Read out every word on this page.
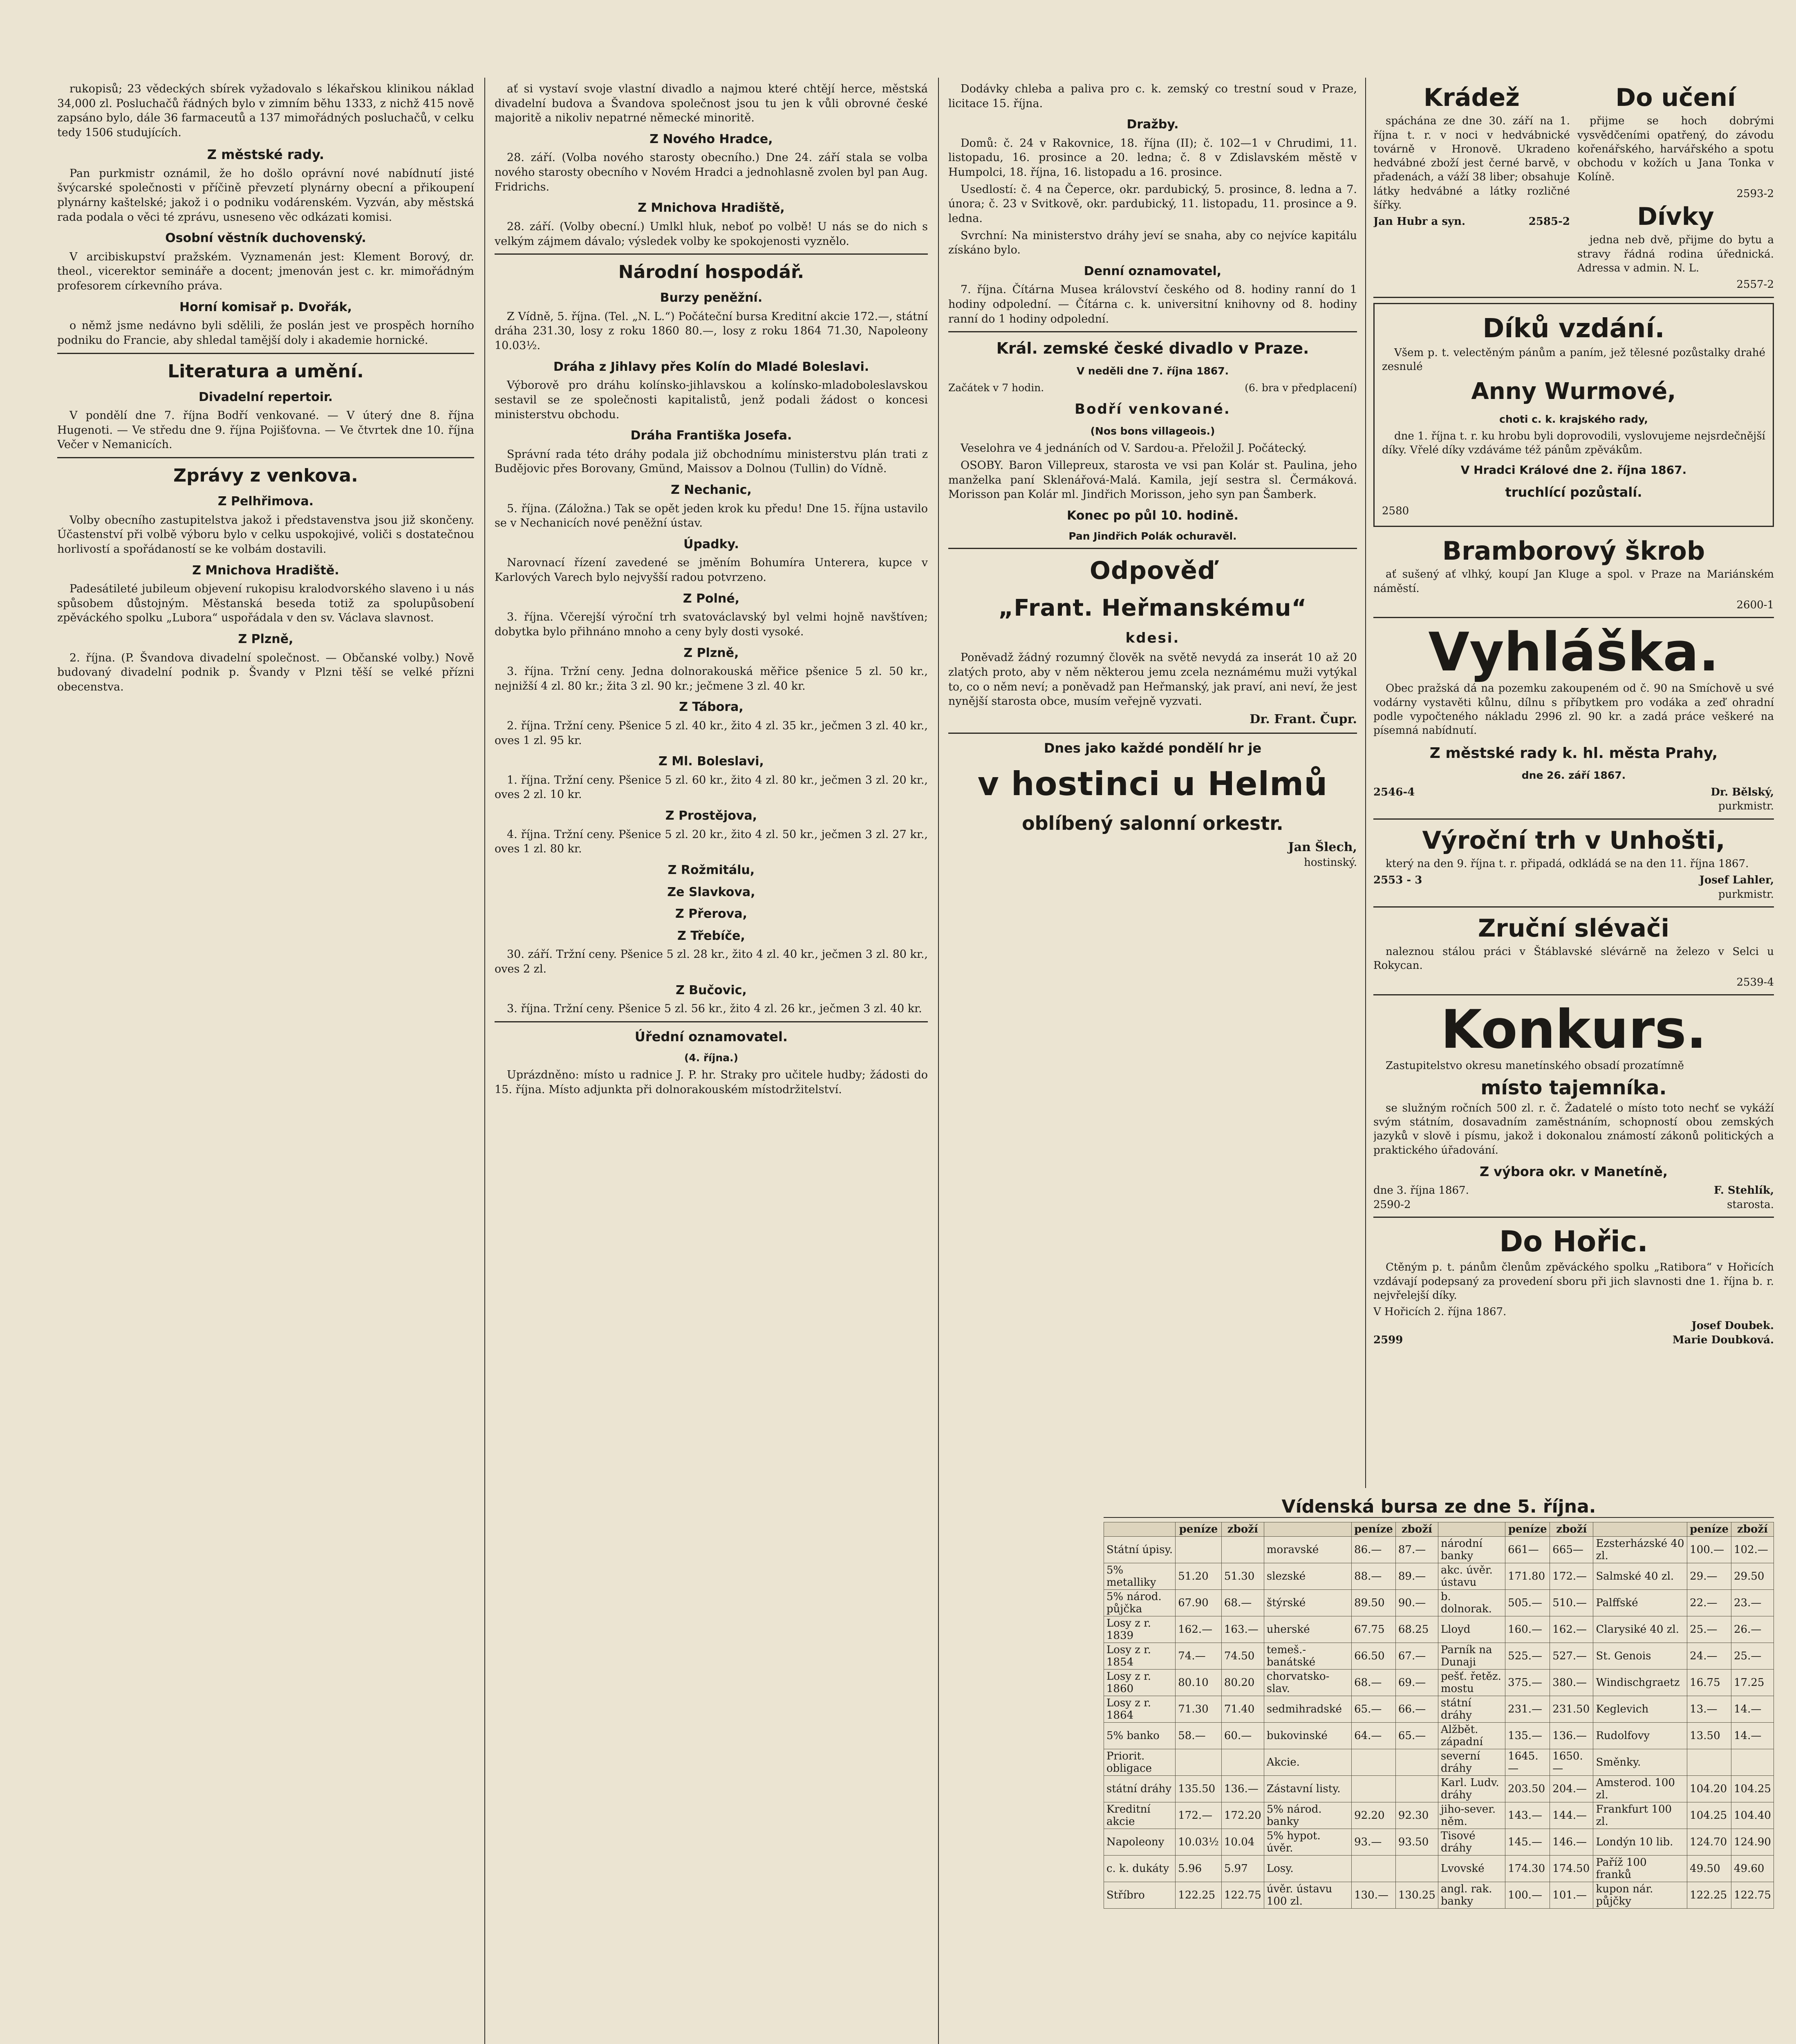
rukopisů; 23 vědeckých sbírek vyžadovalo s lékařskou klinikou náklad 34,000 zl. Posluchačů řádných bylo v zimním běhu 1333, z nichž 415 nově zapsáno bylo, dále 36 farmaceutů a 137 mimořádných posluchačů, v celku tedy 1506 studujících.

Z městské rady.

Pan purkmistr oznámil, že ho došlo oprávní nové nabídnutí jisté švýcarské společnosti v příčině převzetí plynárny obecní a přikoupení plynárny kaštelské; jakož i o podniku vodárenském. Vyzván, aby městská rada podala o věci té zprávu, usneseno věc odkázati komisi.

Osobní věstník duchovenský.

V arcibiskupství pražském. Vyznamenán jest: Klement Borový, dr. theol., vicerektor semináře a docent; jmenován jest c. kr. mimořádným profesorem církevního práva.

Horní komisař p. Dvořák,

o němž jsme nedávno byli sdělili, že poslán jest ve prospěch horního podniku do Francie, aby shledal tamější doly i akademie hornické.

Literatura a umění.
Divadelní repertoir.

V pondělí dne 7. října Bodří venkované. — V úterý dne 8. října Hugenoti. — Ve středu dne 9. října Pojišťovna. — Ve čtvrtek dne 10. října Večer v Nemanicích.

Zprávy z venkova.
Z Pelhřimova.

Volby obecního zastupitelstva jakož i představenstva jsou již skončeny. Účastenství při volbě výboru bylo v celku uspokojivé, voliči s dostatečnou horlivostí a spořádaností se ke volbám dostavili.

Z Mnichova Hradiště.

Padesátileté jubileum objevení rukopisu kralodvorského slaveno i u nás spůsobem důstojným. Městanská beseda totiž za spolupůsobení zpěváckého spolku „Lubora“ uspořádala v den sv. Václava slavnost.

Z Plzně,

2. října. (P. Švandova divadelní společnost. — Občanské volby.) Nově budovaný divadelní podnik p. Švandy v Plzni těší se velké přízni obecenstva.

ať si vystaví svoje vlastní divadlo a najmou které chtějí herce, městská divadelní budova a Švandova společnost jsou tu jen k vůli obrovné české majoritě a nikoliv nepatrné německé minoritě.

Z Nového Hradce,

28. září. (Volba nového starosty obecního.) Dne 24. září stala se volba nového starosty obecního v Novém Hradci a jednohlasně zvolen byl pan Aug. Fridrichs.

Z Mnichova Hradiště,

28. září. (Volby obecní.) Umlkl hluk, neboť po volbě! U nás se do nich s velkým zájmem dávalo; výsledek volby ke spokojenosti vyznělo.

Národní hospodář.
Burzy peněžní.

Z Vídně, 5. října. (Tel. „N. L.“) Počáteční bursa Kreditní akcie 172.—, státní dráha 231.30, losy z roku 1860 80.—, losy z roku 1864 71.30, Napoleony 10.03½.

Dráha z Jihlavy přes Kolín do Mladé Boleslavi.

Výborově pro dráhu kolínsko-jihlavskou a kolínsko-mladoboleslavskou sestavil se ze společnosti kapitalistů, jenž podali žádost o koncesi ministerstvu obchodu.

Dráha Františka Josefa.

Správní rada této dráhy podala již obchodnímu ministerstvu plán trati z Budějovic přes Borovany, Gmünd, Maissov a Dolnou (Tullin) do Vídně.

Z Nechanic,

5. října. (Záložna.) Tak se opět jeden krok ku předu! Dne 15. října ustavilo se v Nechanicích nové peněžní ústav.

Úpadky.

Narovnací řízení zavedené se jměním Bohumíra Unterera, kupce v Karlových Varech bylo nejvyšší radou potvrzeno.

Z Polné,

3. října. Včerejší výroční trh svatováclavský byl velmi hojně navštíven; dobytka bylo přihnáno mnoho a ceny byly dosti vysoké.

Z Plzně,

3. října. Tržní ceny. Jedna dolnorakouská měřice pšenice 5 zl. 50 kr., nejnižší 4 zl. 80 kr.; žita 3 zl. 90 kr.; ječmene 3 zl. 40 kr.

Z Tábora,

2. října. Tržní ceny. Pšenice 5 zl. 40 kr., žito 4 zl. 35 kr., ječmen 3 zl. 40 kr., oves 1 zl. 95 kr.

Z Ml. Boleslavi,

1. října. Tržní ceny. Pšenice 5 zl. 60 kr., žito 4 zl. 80 kr., ječmen 3 zl. 20 kr., oves 2 zl. 10 kr.

Z Prostějova,

4. října. Tržní ceny. Pšenice 5 zl. 20 kr., žito 4 zl. 50 kr., ječmen 3 zl. 27 kr., oves 1 zl. 80 kr.

Z Rožmitálu,
Ze Slavkova,
Z Přerova,
Z Třebíče,

30. září. Tržní ceny. Pšenice 5 zl. 28 kr., žito 4 zl. 40 kr., ječmen 3 zl. 80 kr., oves 2 zl.

Z Bučovic,

3. října. Tržní ceny. Pšenice 5 zl. 56 kr., žito 4 zl. 26 kr., ječmen 3 zl. 40 kr.

Úřední oznamovatel.
(4. října.)

Uprázdněno: místo u radnice J. P. hr. Straky pro učitele hudby; žádosti do 15. října. Místo adjunkta při dolnorakouském místodržitelství.

Dodávky chleba a paliva pro c. k. zemský co trestní soud v Praze, licitace 15. října.

Dražby.

Domů: č. 24 v Rakovnice, 18. října (II); č. 102—1 v Chrudimi, 11. listopadu, 16. prosince a 20. ledna; č. 8 v Zdislavském městě v Humpolci, 18. října, 16. listopadu a 16. prosince.

Usedlostí: č. 4 na Čeperce, okr. pardubický, 5. prosince, 8. ledna a 7. února; č. 23 v Svitkově, okr. pardubický, 11. listopadu, 11. prosince a 9. ledna.

Svrchní: Na ministerstvo dráhy jeví se snaha, aby co nejvíce kapitálu získáno bylo.

Denní oznamovatel,

7. října. Čítárna Musea království českého od 8. hodiny ranní do 1 hodiny odpolední. — Čítárna c. k. universitní knihovny od 8. hodiny ranní do 1 hodiny odpolední.

Král. zemské české divadlo v Praze.
V neděli dne 7. října 1867.
Začátek v 7 hodin.	(6. bra v předplacení)
Bodří venkované.
(Nos bons villageois.)

Veselohra ve 4 jednáních od V. Sardou-a. Přeložil J. Počátecký.

OSOBY. Baron Villepreux, starosta ve vsi pan Kolár st. Paulina, jeho manželka paní Sklenářová-Malá. Kamila, její sestra sl. Čermáková. Morisson pan Kolár ml. Jindřich Morisson, jeho syn pan Šamberk.

Konec po půl 10. hodině.
Pan Jindřich Polák ochuravěl.
Odpověď
„Frant. Heřmanskému“
kdesi.

Poněvadž žádný rozumný člověk na světě nevydá za inserát 10 až 20 zlatých proto, aby v něm některou jemu zcela neznámému muži vytýkal to, co o něm neví; a poněvadž pan Heřmanský, jak praví, ani neví, že jest nynější starosta obce, musím veřejně vyzvati.

Dr. Frant. Čupr.
Dnes jako každé pondělí hr je
v hostinci u Helmů
oblíbený salonní orkestr.
Jan Šlech,
hostinský.
Krádež

spáchána ze dne 30. září na 1. října t. r. v noci v hedvábnické továrně v Hronově. Ukradeno hedvábné zboží jest černé barvě, v přadenách, a váží 38 liber; obsahuje látky hedvábné a látky rozličné šířky.

Jan Hubr a syn.	2585-2
Do učení

přijme se hoch dobrými vysvědčeními opatřený, do závodu kořenářského, harvářského a spotu obchodu v kožích u Jana Tonka v Kolíně.

2593-2
Dívky

jedna neb dvě, přijme do bytu a stravy řádná rodina úřednická. Adressa v admin. N. L.

2557-2
Díků vzdání.

Všem p. t. velectěným pánům a paním, jež tělesné pozůstalky drahé zesnulé

Anny Wurmové,
choti c. k. krajského rady,

dne 1. října t. r. ku hrobu byli doprovodili, vyslovujeme nejsrdečnější díky. Vřelé díky vzdáváme též pánům zpěvákům.

V Hradci Králové dne 2. října 1867.
truchlící pozůstalí.
2580
Bramborový škrob

ať sušený ať vlhký, koupí Jan Kluge a spol. v Praze na Mariánském náměstí.

2600-1
Vyhláška.

Obec pražská dá na pozemku zakoupeném od č. 90 na Smíchově u své vodárny vystavěti kůlnu, dílnu s příbytkem pro vodáka a zeď ohradní podle vypočteného nákladu 2996 zl. 90 kr. a zadá práce veškeré na písemná nabídnutí.

Z městské rady k. hl. města Prahy,
dne 26. září 1867.
2546-4	Dr. Bělský,
purkmistr.
Výroční trh v Unhošti,

který na den 9. října t. r. připadá, odkládá se na den 11. října 1867.

2553 - 3	Josef Lahler,
purkmistr.
Zruční slévači

naleznou stálou práci v Štáblavské slévárně na železo v Selci u Rokycan.

2539-4
Konkurs.

Zastupitelstvo okresu manetínského obsadí prozatímně

místo tajemníka.

se služným ročních 500 zl. r. č. Žadatelé o místo toto nechť se vykáží svým státním, dosavadním zaměstnáním, schopností obou zemských jazyků v slově i písmu, jakož i dokonalou známostí zákonů politických a praktického úřadování.

Z výbora okr. v Manetíně,
dne 3. října 1867.	F. Stehlík,
2590-2	starosta.
Do Hořic.

Ctěným p. t. pánům členům zpěváckého spolku „Ratibora“ v Hořicích vzdávají podepsaný za provedení sboru při jich slavnosti dne 1. října b. r. nejvřelejší díky.

V Hořicích 2. října 1867.
Josef Doubek.
2599	Marie Doubková.
Vídenská bursa ze dne 5. října.
	peníze	zboží		peníze	zboží		peníze	zboží		peníze	zboží
Státní úpisy.			moravské	86.—	87.—	národní banky	661—	665—	Ezsterházské 40 zl.	100.—	102.—
5% metalliky	51.20	51.30	slezské	88.—	89.—	akc. úvěr. ústavu	171.80	172.—	Salmské 40 zl.	29.—	29.50
5% národ. půjčka	67.90	68.—	štýrské	89.50	90.—	b. dolnorak.	505.—	510.—	Palffské	22.—	23.—
Losy z r. 1839	162.—	163.—	uherské	67.75	68.25	Lloyd	160.—	162.—	Clarysiké 40 zl.	25.—	26.—
Losy z r. 1854	74.—	74.50	temeš.-banátské	66.50	67.—	Parník na Dunaji	525.—	527.—	St. Genois	24.—	25.—
Losy z r. 1860	80.10	80.20	chorvatsko-slav.	68.—	69.—	pešť. řetěz. mostu	375.—	380.—	Windischgraetz	16.75	17.25
Losy z r. 1864	71.30	71.40	sedmihradské	65.—	66.—	státní dráhy	231.—	231.50	Keglevich	13.—	14.—
5% banko	58.—	60.—	bukovinské	64.—	65.—	Alžbět. západní	135.—	136.—	Rudolfovy	13.50	14.—
Priorit. obligace			Akcie.			severní dráhy	1645.—	1650.—	Směnky.		
státní dráhy	135.50	136.—	Zástavní listy.			Karl. Ludv. dráhy	203.50	204.—	Amsterod. 100 zl.	104.20	104.25
Kreditní akcie	172.—	172.20	5% národ. banky	92.20	92.30	jiho-sever. něm.	143.—	144.—	Frankfurt 100 zl.	104.25	104.40
Napoleony	10.03½	10.04	5% hypot. úvěr.	93.—	93.50	Tisové dráhy	145.—	146.—	Londýn 10 lib.	124.70	124.90
c. k. dukáty	5.96	5.97	Losy.			Lvovské	174.30	174.50	Paříž 100 franků	49.50	49.60
Stříbro	122.25	122.75	úvěr. ústavu 100 zl.	130.—	130.25	angl. rak. banky	100.—	101.—	kupon nár. půjčky	122.25	122.75
